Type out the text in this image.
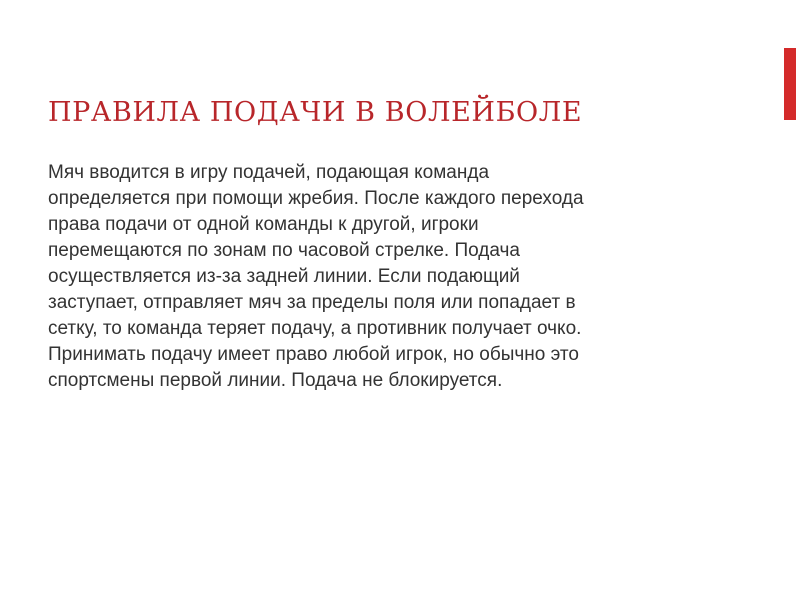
ПРАВИЛА ПОДАЧИ В ВОЛЕЙБОЛЕ

Мяч вводится в игру подачей, подающая команда
определяется при помощи жребия. После каждого перехода
права подачи от одной команды к другой, игроки
перемещаются по зонам по часовой стрелке. Подача
осуществляется из-за задней линии. Если подающий
заступает, отправляет мяч за пределы поля или попадает в
сетку, то команда теряет подачу, а противник получает очко.
Принимать подачу имеет право любой игрок, но обычно это
спортсмены первой линии. Подача не блокируется.
